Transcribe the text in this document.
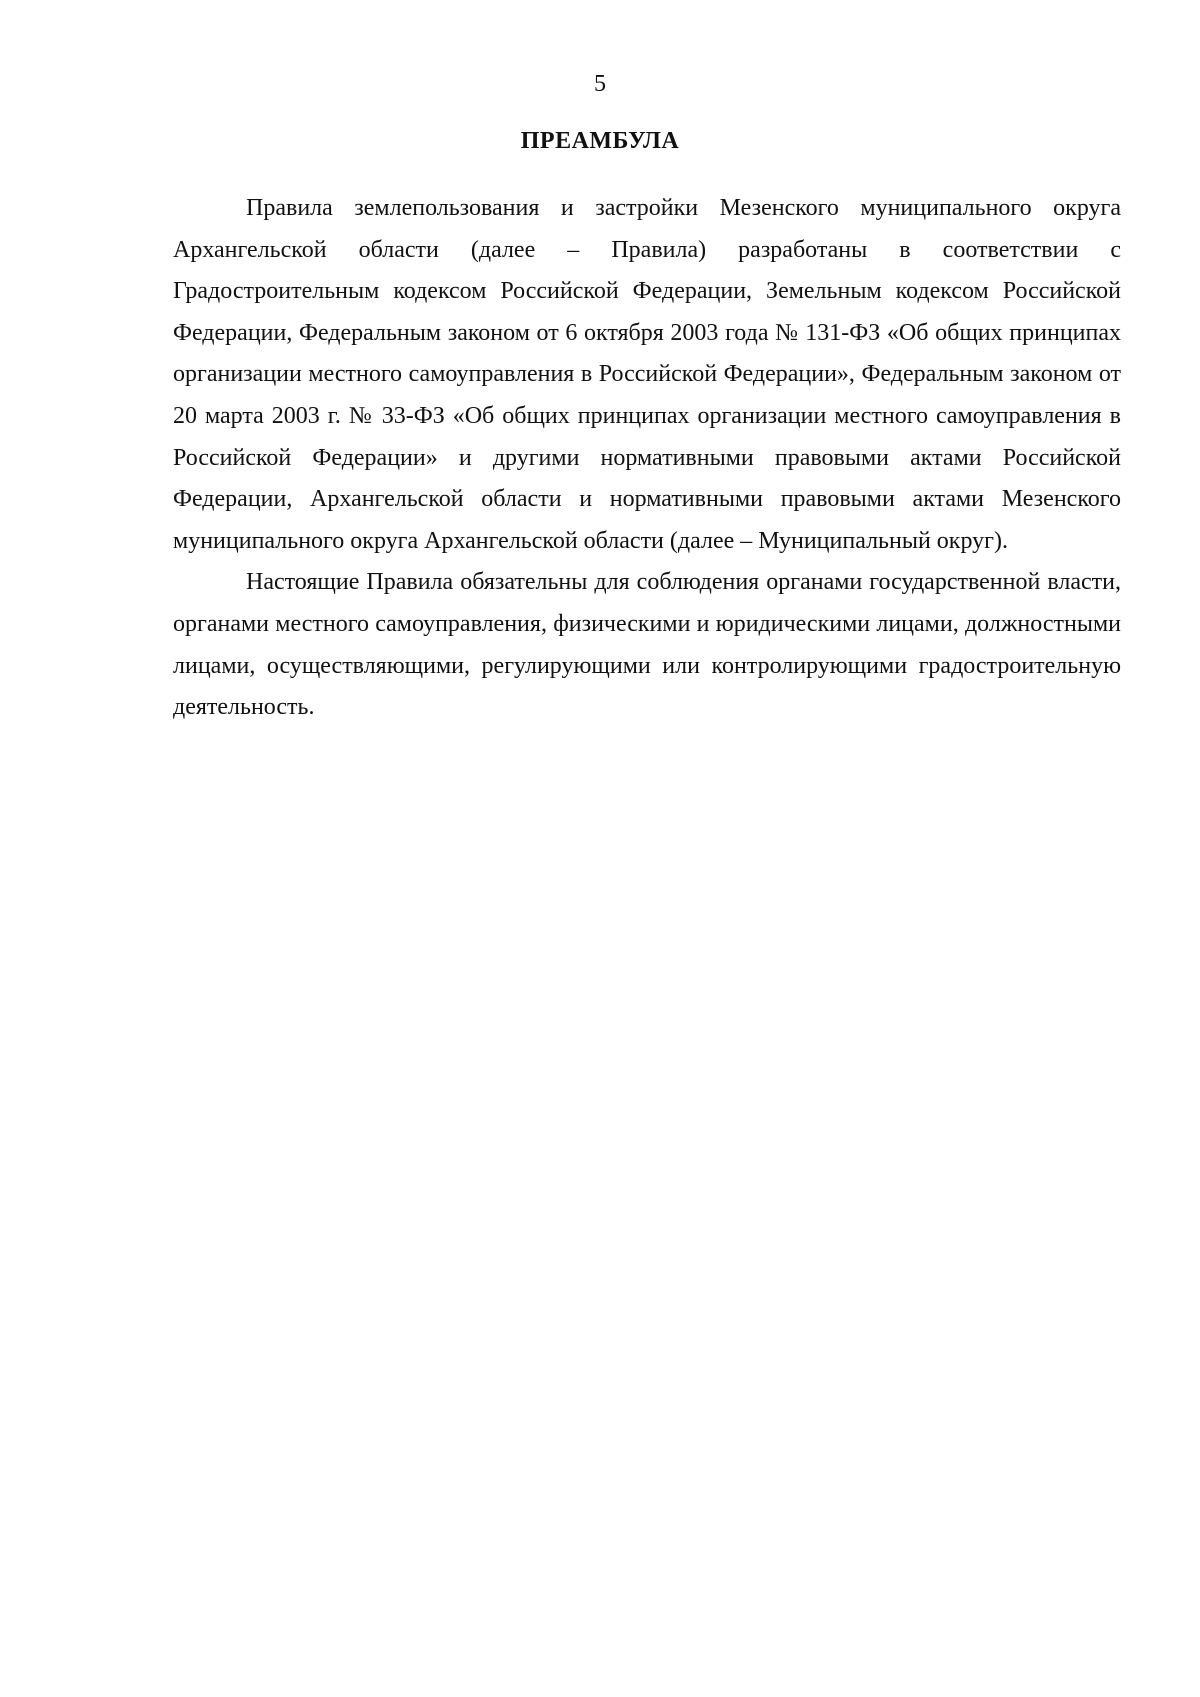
5
ПРЕАМБУЛА

Правила землепользования и застройки Мезенского муниципального округа Архангельской области (далее – Правила) разработаны в соответствии с Градостроительным кодексом Российской Федерации, Земельным кодексом Российской Федерации, Федеральным законом от 6 октября 2003 года № 131-ФЗ «Об общих принципах организации местного самоуправления в Российской Федерации», Федеральным законом от 20 марта 2003 г. № 33-ФЗ «Об общих принципах организации местного самоуправления в Российской Федерации» и другими нормативными правовыми актами Российской Федерации, Архангельской области и нормативными правовыми актами Мезенского муниципального округа Архангельской области (далее – Муниципальный округ).

Настоящие Правила обязательны для соблюдения органами государственной власти, органами местного самоуправления, физическими и юридическими лицами, должностными лицами, осуществляющими, регулирующими или контролирующими градостроительную деятельность.
